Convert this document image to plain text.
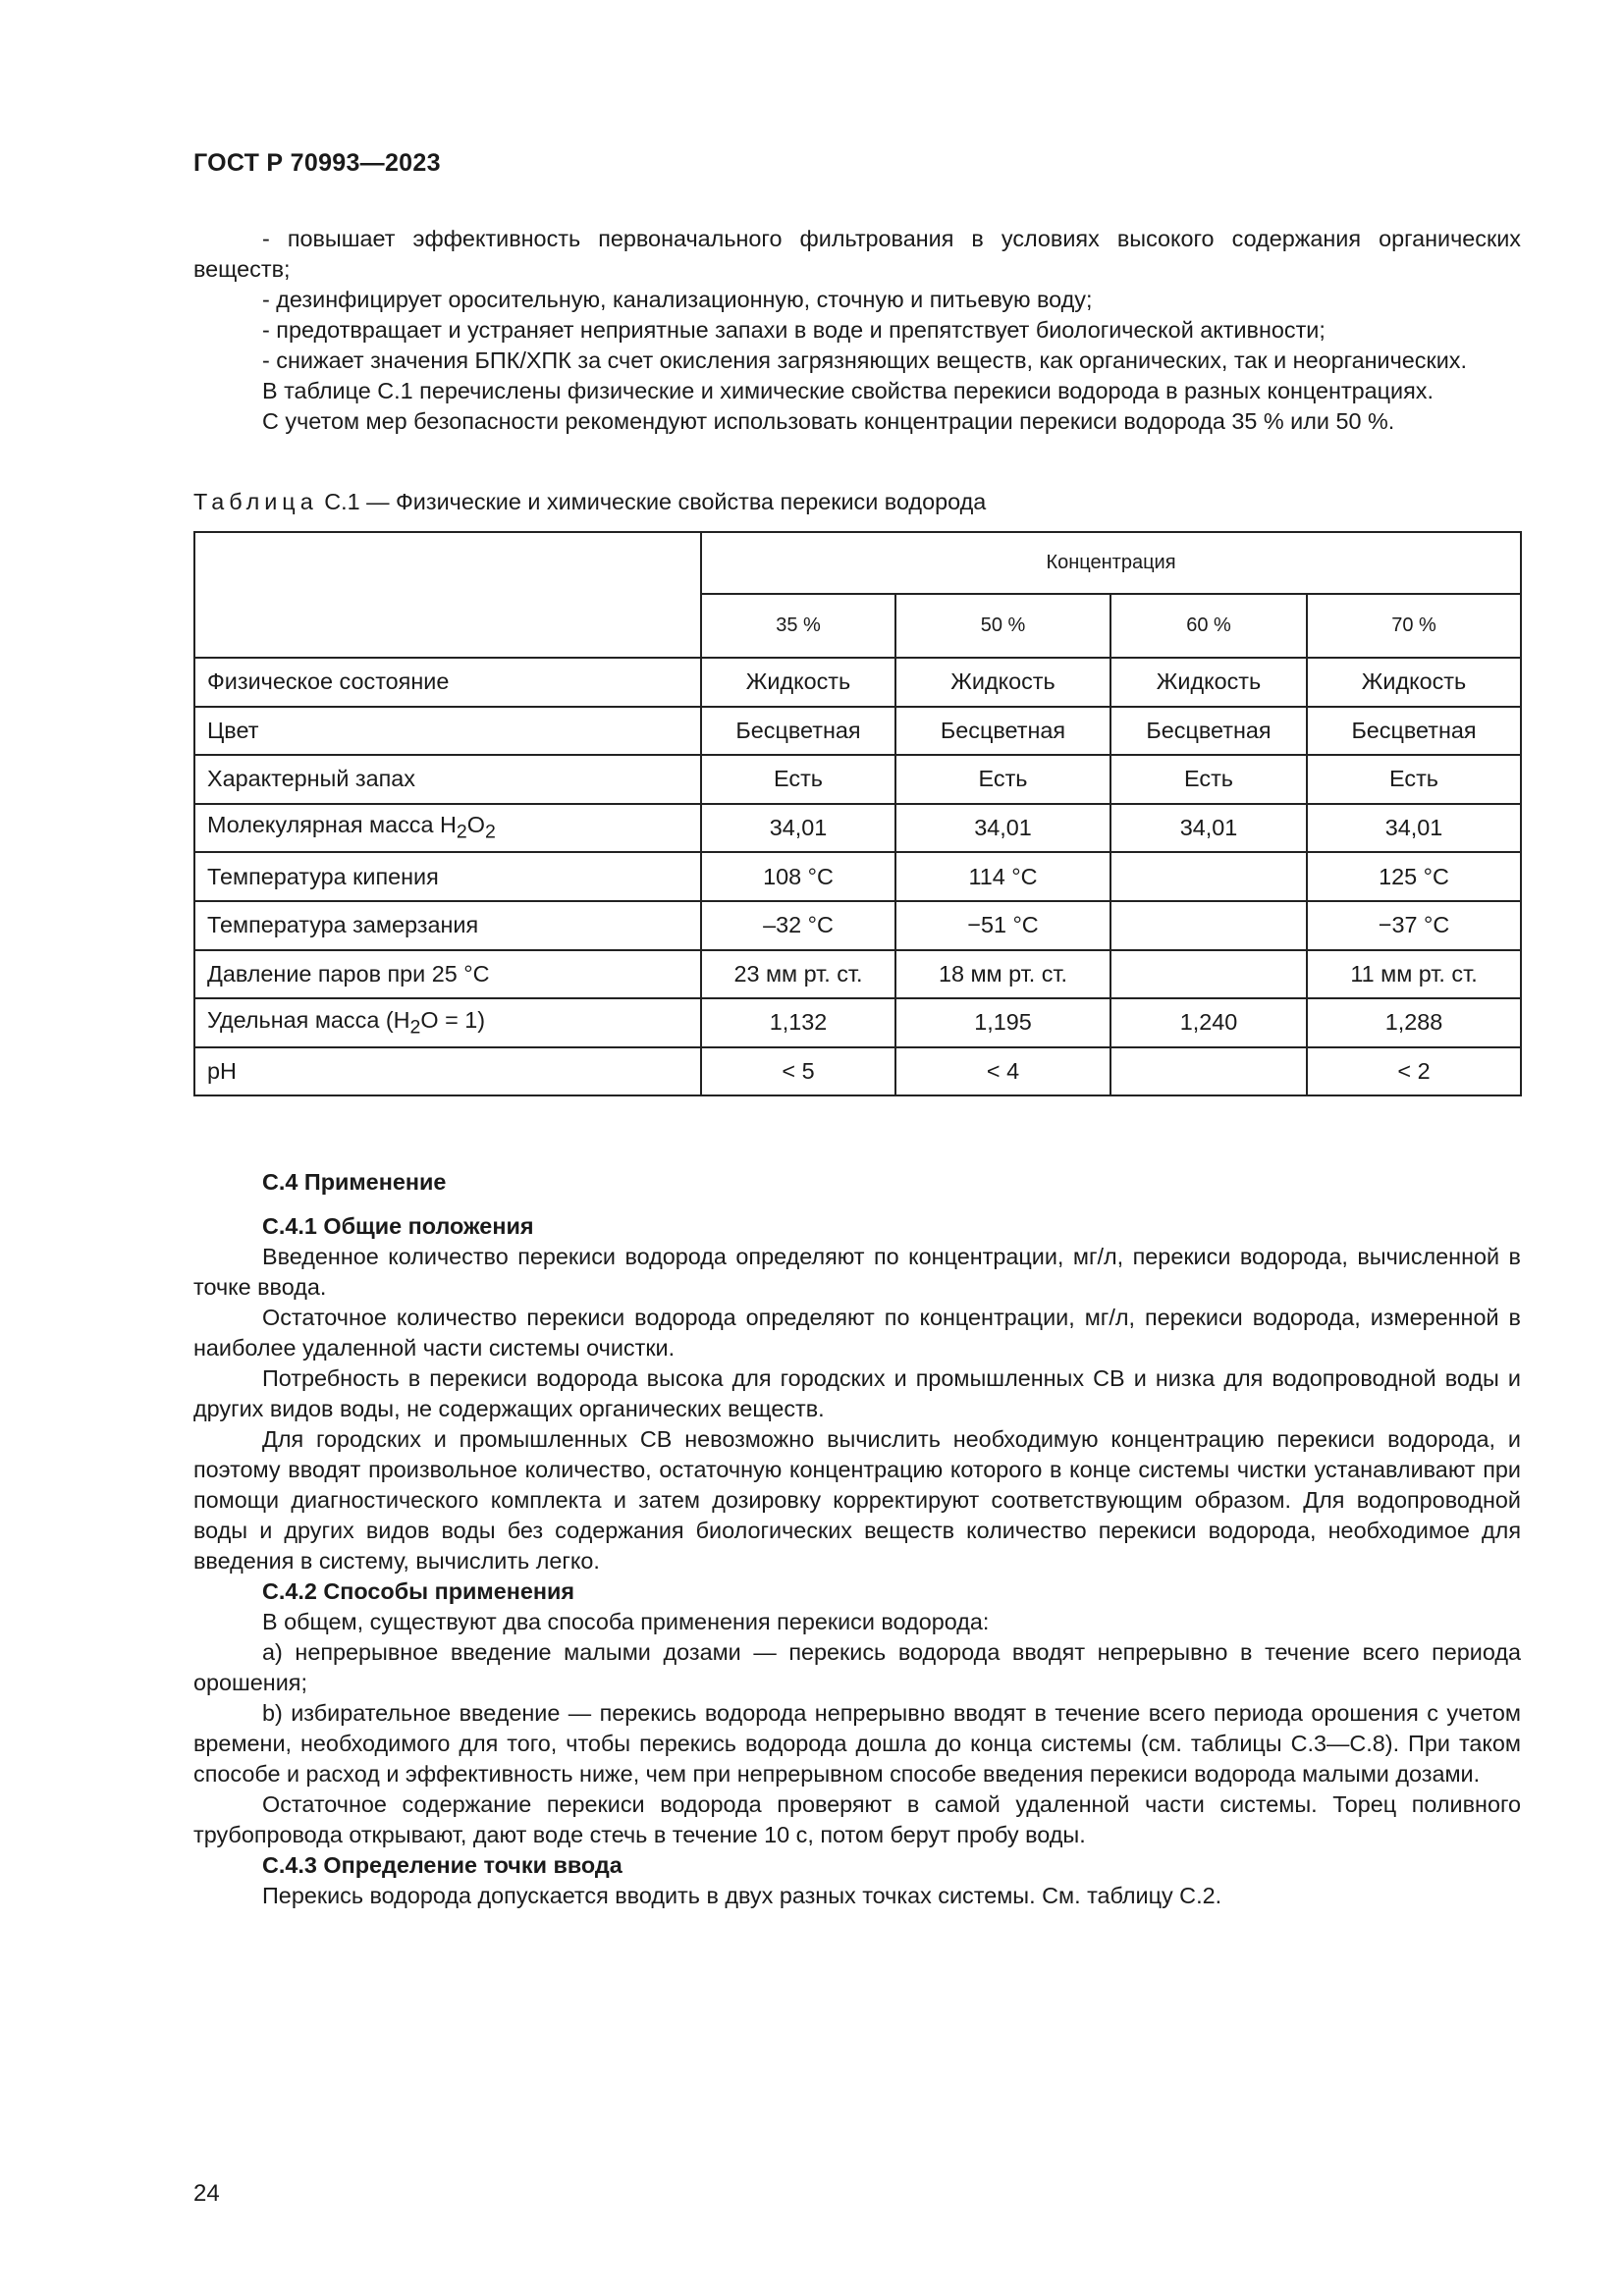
ГОСТ Р 70993—2023

- повышает эффективность первоначального фильтрования в условиях высокого содержания органических веществ;

- дезинфицирует оросительную, канализационную, сточную и питьевую воду;

- предотвращает и устраняет неприятные запахи в воде и препятствует биологической активности;

- снижает значения БПК/ХПК за счет окисления загрязняющих веществ, как органических, так и неорганических.

В таблице С.1 перечислены физические и химические свойства перекиси водорода в разных концентрациях.

С учетом мер безопасности рекомендуют использовать концентрации перекиси водорода 35 % или 50 %.

Таблица С.1 — Физические и химические свойства перекиси водорода

	Концентрация			
	35 %	50 %	60 %	70 %
Физическое состояние	Жидкость	Жидкость	Жидкость	Жидкость
Цвет	Бесцветная	Бесцветная	Бесцветная	Бесцветная
Характерный запах	Есть	Есть	Есть	Есть
Молекулярная масса $H_2O_2$	34,01	34,01	34,01	34,01
Температура кипения	108 °С	114 °С		125 °С
Температура замерзания	–32 °С	−51 °С		−37 °С
Давление паров при 25 °С	23 мм рт. ст.	18 мм рт. ст.		11 мм рт. ст.
Удельная масса $(H_2O = 1)$	1,132	1,195	1,240	1,288
pH	< 5	< 4		< 2

С.4 Применение

С.4.1 Общие положения

Введенное количество перекиси водорода определяют по концентрации, мг/л, перекиси водорода, вычисленной в точке ввода.

Остаточное количество перекиси водорода определяют по концентрации, мг/л, перекиси водорода, измеренной в наиболее удаленной части системы очистки.

Потребность в перекиси водорода высока для городских и промышленных СВ и низка для водопроводной воды и других видов воды, не содержащих органических веществ.

Для городских и промышленных СВ невозможно вычислить необходимую концентрацию перекиси водорода, и поэтому вводят произвольное количество, остаточную концентрацию которого в конце системы чистки устанавливают при помощи диагностического комплекта и затем дозировку корректируют соответствующим образом. Для водопроводной воды и других видов воды без содержания биологических веществ количество перекиси водорода, необходимое для введения в систему, вычислить легко.

С.4.2 Способы применения

В общем, существуют два способа применения перекиси водорода:

a) непрерывное введение малыми дозами — перекись водорода вводят непрерывно в течение всего периода орошения;

b) избирательное введение — перекись водорода непрерывно вводят в течение всего периода орошения с учетом времени, необходимого для того, чтобы перекись водорода дошла до конца системы (см. таблицы С.3—С.8). При таком способе и расход и эффективность ниже, чем при непрерывном способе введения перекиси водорода малыми дозами.

Остаточное содержание перекиси водорода проверяют в самой удаленной части системы. Торец поливного трубопровода открывают, дают воде стечь в течение 10 с, потом берут пробу воды.

С.4.3 Определение точки ввода

Перекись водорода допускается вводить в двух разных точках системы. См. таблицу С.2.

24
